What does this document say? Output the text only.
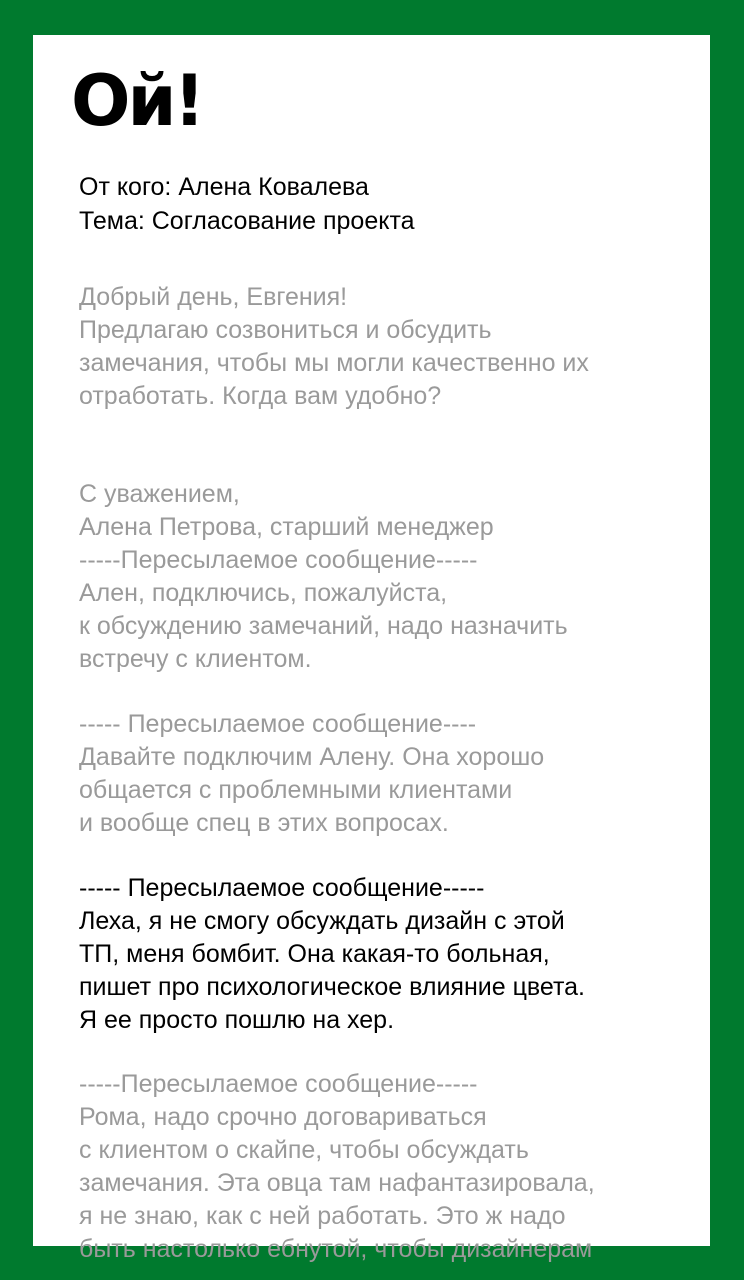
Ой!
От кого: Алена Ковалева
Тема: Согласование проекта
Добрый день, Евгения!
Предлагаю созвониться и обсудить
замечания, чтобы мы могли качественно их
отработать. Когда вам удобно?
С уважением,
Алена Петрова, старший менеджер
-----Пересылаемое сообщение-----
Ален, подключись, пожалуйста,
к обсуждению замечаний, надо назначить
встречу с клиентом.
----- Пересылаемое сообщение----
Давайте подключим Алену. Она хорошо
общается с проблемными клиентами
и вообще спец в этих вопросах.
----- Пересылаемое сообщение-----
Леха, я не смогу обсуждать дизайн с этой
ТП, меня бомбит. Она какая-то больная,
пишет про психологическое влияние цвета.
Я ее просто пошлю на хер.
-----Пересылаемое сообщение-----
Рома, надо срочно договариваться
с клиентом о скайпе, чтобы обсуждать
замечания. Эта овца там нафантазировала,
я не знаю, как с ней работать. Это ж надо
быть настолько ебнутой, чтобы дизайнерам
